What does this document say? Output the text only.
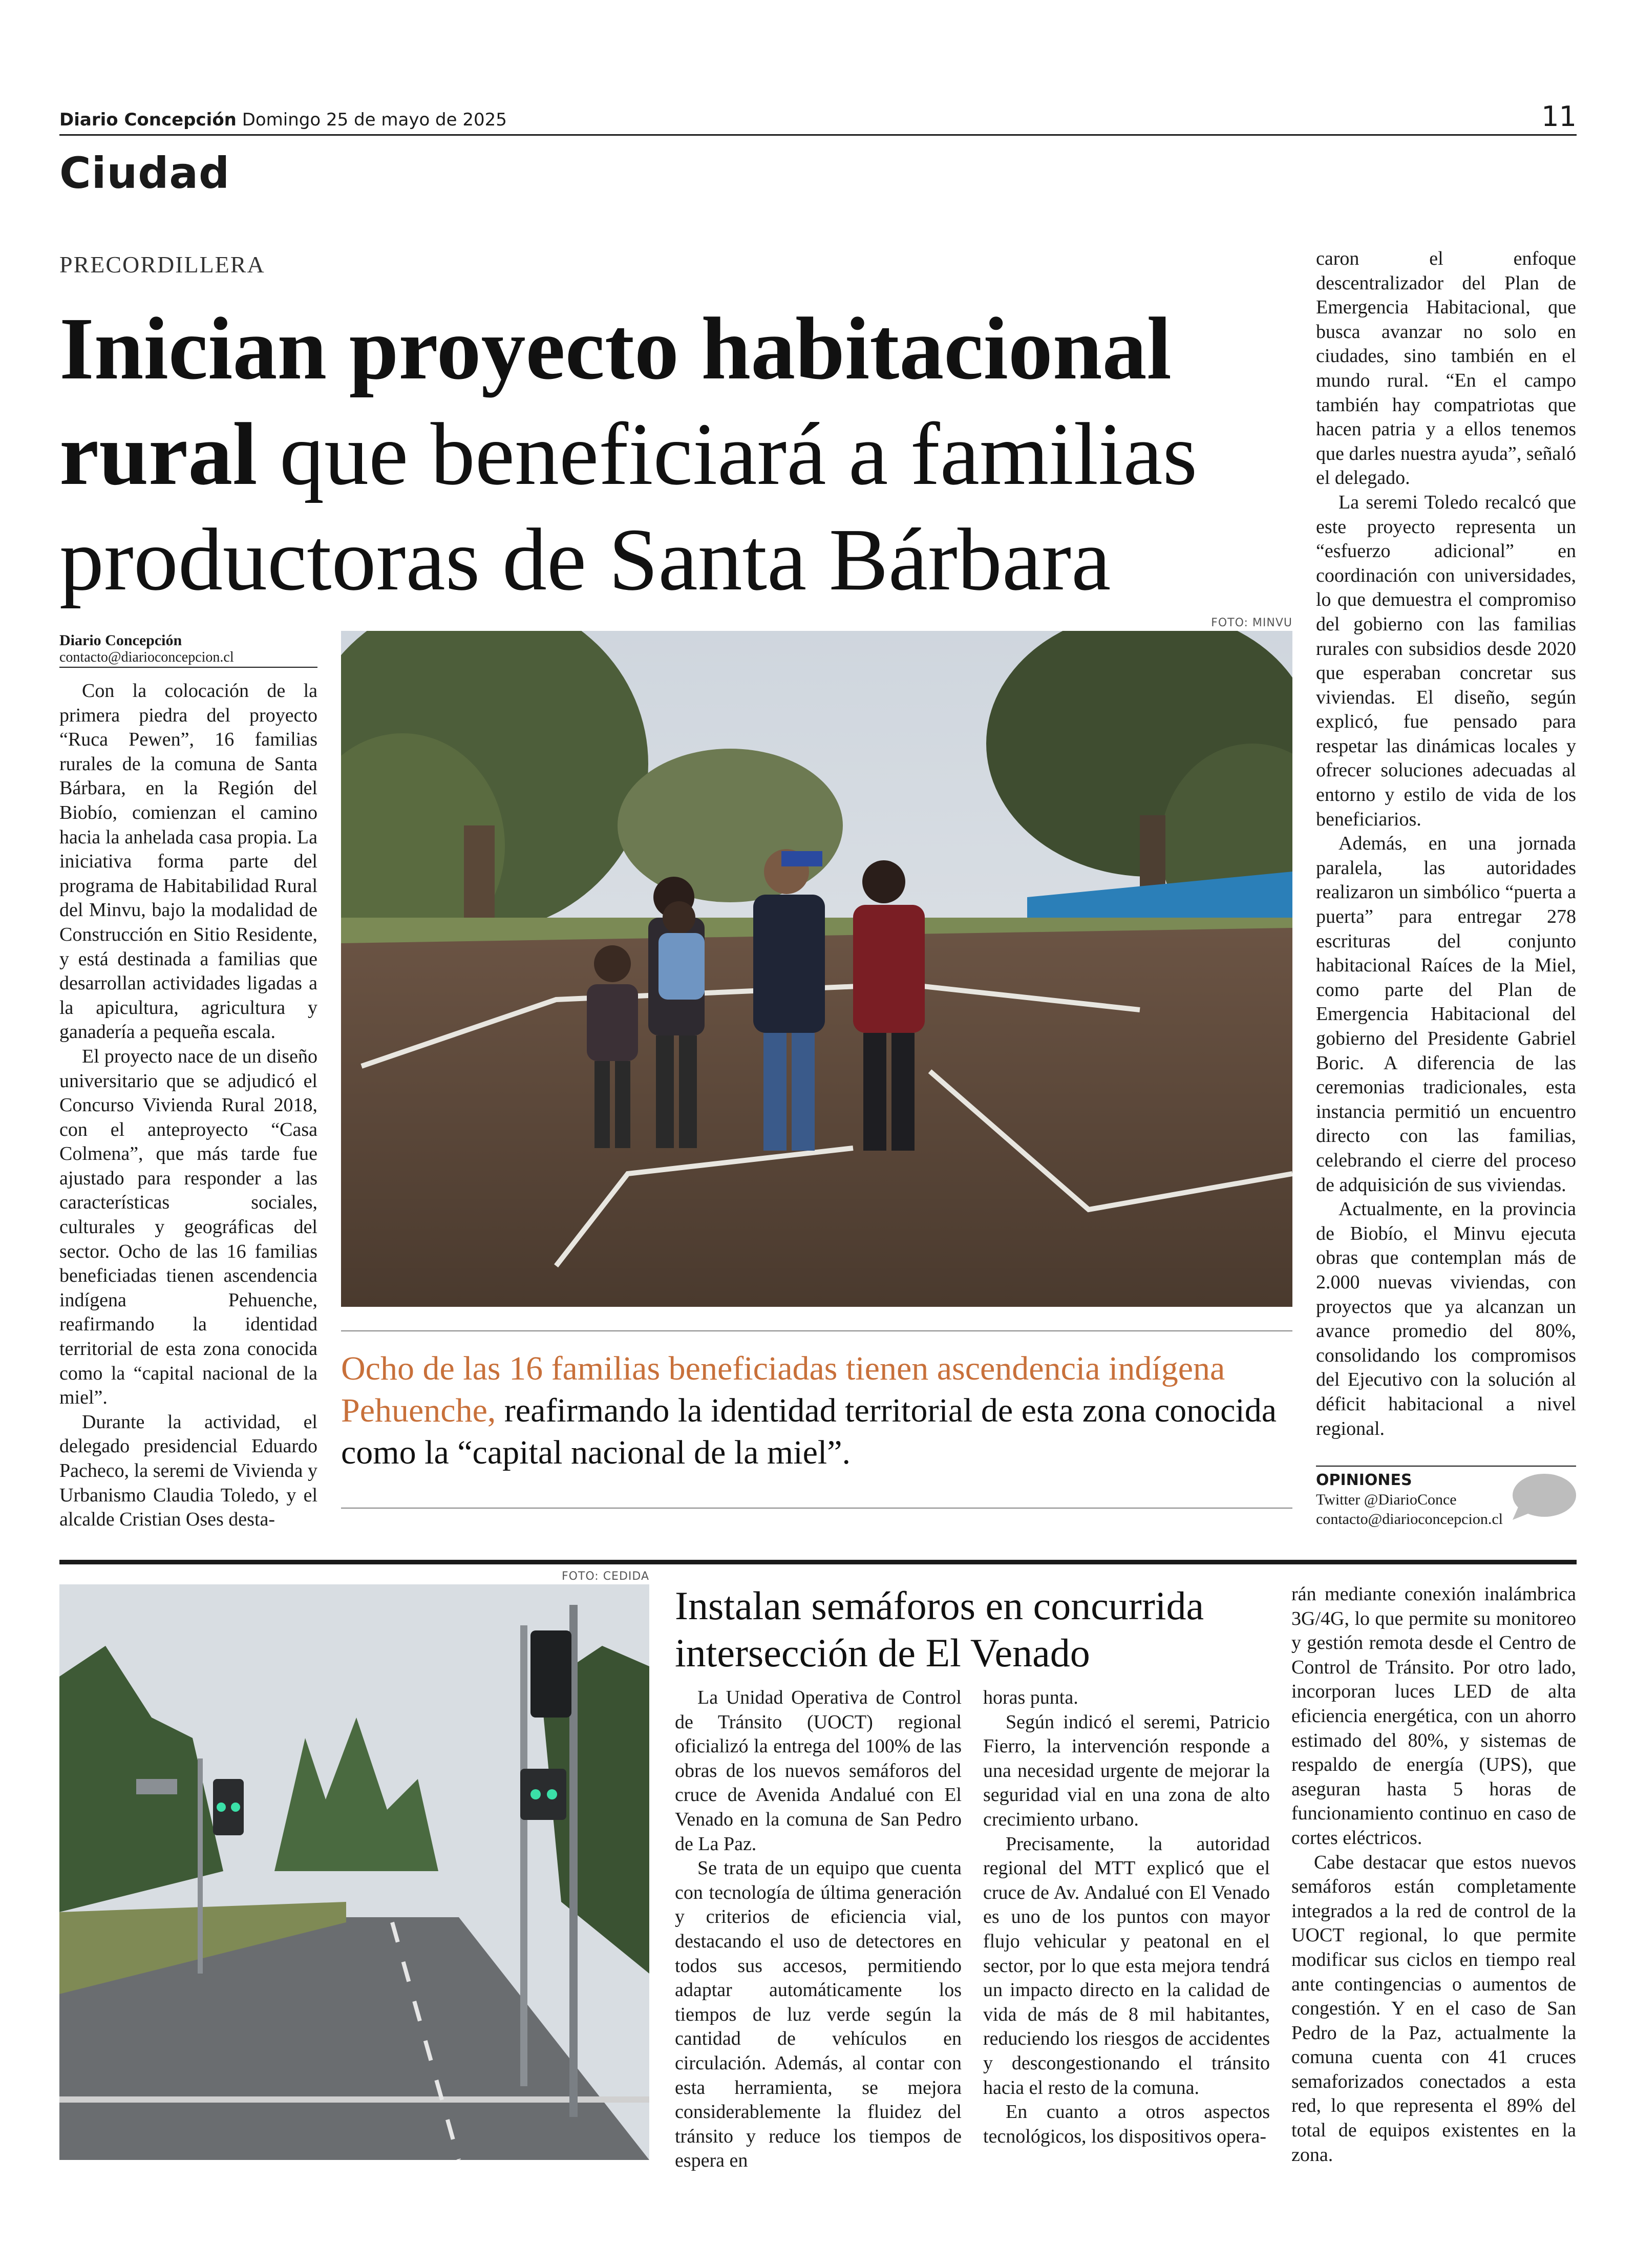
Diario Concepción Domingo 25 de mayo de 2025	11
Ciudad
PRECORDILLERA
Inician proyecto habitacional rural que beneficiará a familias productoras de Santa Bárbara
Diario Concepción
contacto@diarioconcepcion.cl

Con la colocación de la primera piedra del proyecto “Ruca Pewen”, 16 familias rurales de la comuna de Santa Bárbara, en la Región del Biobío, comienzan el camino hacia la anhelada casa propia. La iniciativa forma parte del programa de Habitabilidad Rural del Minvu, bajo la modalidad de Construcción en Sitio Residente, y está destinada a familias que desarrollan actividades ligadas a la apicultura, agricultura y ganadería a pequeña escala.

El proyecto nace de un diseño universitario que se adjudicó el Concurso Vivienda Rural 2018, con el anteproyecto “Casa Colmena”, que más tarde fue ajustado para responder a las características sociales, culturales y geográficas del sector. Ocho de las 16 familias beneficiadas tienen ascendencia indígena Pehuenche, reafirmando la identidad territorial de esta zona conocida como la “capital nacional de la miel”.

Durante la actividad, el delegado presidencial Eduardo Pacheco, la seremi de Vivienda y Urbanismo Claudia Toledo, y el alcalde Cristian Oses desta-

FOTO: MINVU
Ocho de las 16 familias beneficiadas tienen ascendencia indígena Pehuenche, reafirmando la identidad territorial de esta zona conocida como la “capital nacional de la miel”.

caron el enfoque descentralizador del Plan de Emergencia Habitacional, que busca avanzar no solo en ciudades, sino también en el mundo rural. “En el campo también hay compatriotas que hacen patria y a ellos tenemos que darles nuestra ayuda”, señaló el delegado.

La seremi Toledo recalcó que este proyecto representa un “esfuerzo adicional” en coordinación con universidades, lo que demuestra el compromiso del gobierno con las familias rurales con subsidios desde 2020 que esperaban concretar sus viviendas. El diseño, según explicó, fue pensado para respetar las dinámicas locales y ofrecer soluciones adecuadas al entorno y estilo de vida de los beneficiarios.

Además, en una jornada paralela, las autoridades realizaron un simbólico “puerta a puerta” para entregar 278 escrituras del conjunto habitacional Raíces de la Miel, como parte del Plan de Emergencia Habitacional del gobierno del Presidente Gabriel Boric. A diferencia de las ceremonias tradicionales, esta instancia permitió un encuentro directo con las familias, celebrando el cierre del proceso de adquisición de sus viviendas.

Actualmente, en la provincia de Biobío, el Minvu ejecuta obras que contemplan más de 2.000 nuevas viviendas, con proyectos que ya alcanzan un avance promedio del 80%, consolidando los compromisos del Ejecutivo con la solución al déficit habitacional a nivel regional.

OPINIONES
Twitter @DiarioConce
contacto@diarioconcepcion.cl
FOTO: CEDIDA
Instalan semáforos en concurrida intersección de El Venado

La Unidad Operativa de Control de Tránsito (UOCT) regional oficializó la entrega del 100% de las obras de los nuevos semáforos del cruce de Avenida Andalué con El Venado en la comuna de San Pedro de La Paz.

Se trata de un equipo que cuenta con tecnología de última generación y criterios de eficiencia vial, destacando el uso de detectores en todos sus accesos, permitiendo adaptar automáticamente los tiempos de luz verde según la cantidad de vehículos en circulación. Además, al contar con esta herramienta, se mejora considerablemente la fluidez del tránsito y reduce los tiempos de espera en

horas punta.

Según indicó el seremi, Patricio Fierro, la intervención responde a una necesidad urgente de mejorar la seguridad vial en una zona de alto crecimiento urbano.

Precisamente, la autoridad regional del MTT explicó que el cruce de Av. Andalué con El Venado es uno de los puntos con mayor flujo vehicular y peatonal en el sector, por lo que esta mejora tendrá un impacto directo en la calidad de vida de más de 8 mil habitantes, reduciendo los riesgos de accidentes y descongestionando el tránsito hacia el resto de la comuna.

En cuanto a otros aspectos tecnológicos, los dispositivos opera-

rán mediante conexión inalámbrica 3G/4G, lo que permite su monitoreo y gestión remota desde el Centro de Control de Tránsito. Por otro lado, incorporan luces LED de alta eficiencia energética, con un ahorro estimado del 80%, y sistemas de respaldo de energía (UPS), que aseguran hasta 5 horas de funcionamiento continuo en caso de cortes eléctricos.

Cabe destacar que estos nuevos semáforos están completamente integrados a la red de control de la UOCT regional, lo que permite modificar sus ciclos en tiempo real ante contingencias o aumentos de congestión. Y en el caso de San Pedro de la Paz, actualmente la comuna cuenta con 41 cruces semaforizados conectados a esta red, lo que representa el 89% del total de equipos existentes en la zona.
